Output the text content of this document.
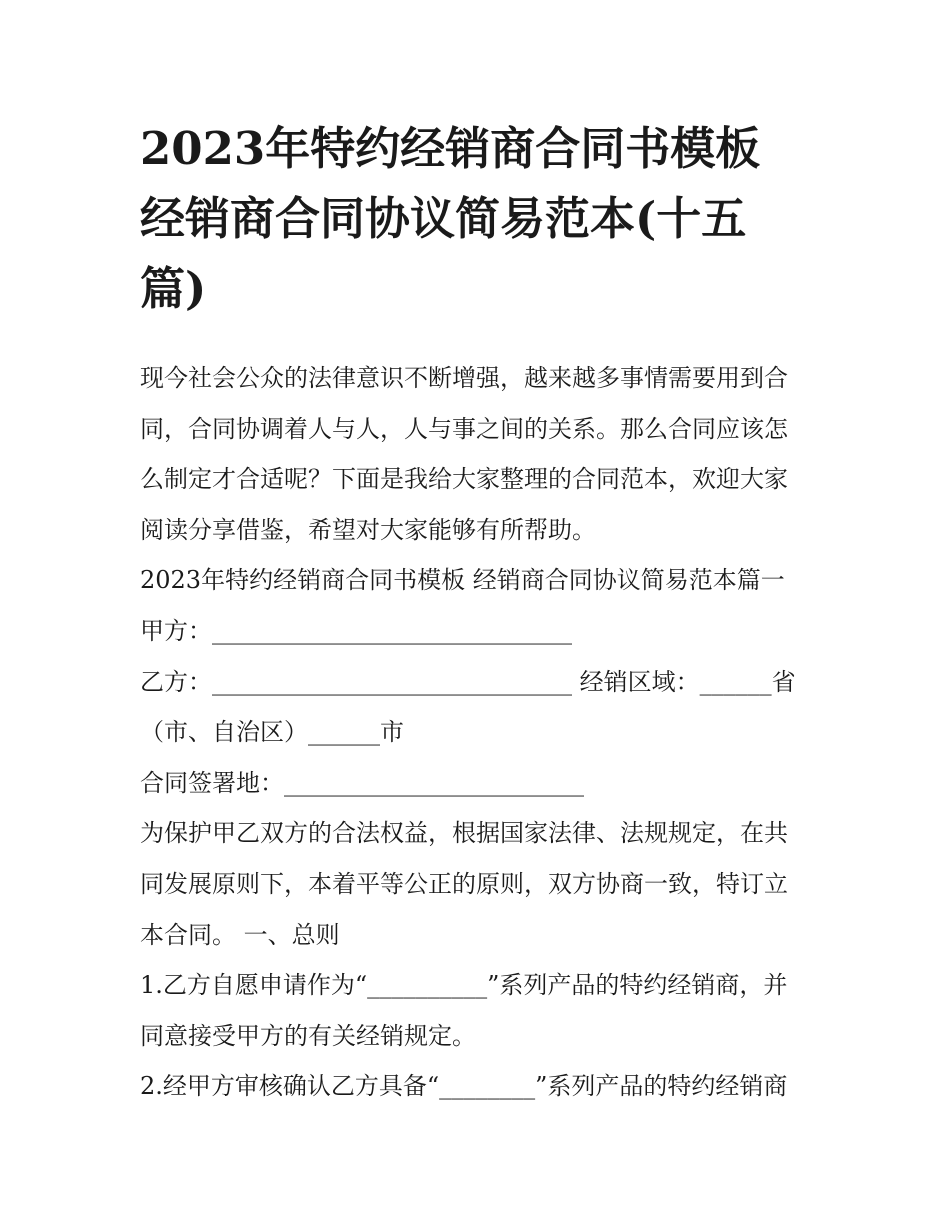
2023年特约经销商合同书模板
经销商合同协议简易范本(十五
篇)
现今社会公众的法律意识不断增强，越来越多事情需要用到合
同，合同协调着人与人，人与事之间的关系。那么合同应该怎
么制定才合适呢？下面是我给大家整理的合同范本，欢迎大家
阅读分享借鉴，希望对大家能够有所帮助。
2023年特约经销商合同书模板 经销商合同协议简易范本篇一
甲方：______________________________
乙方：______________________________ 经销区域：______省
（市、自治区）______市
合同签署地：_________________________
为保护甲乙双方的合法权益，根据国家法律、法规规定，在共
同发展原则下，本着平等公正的原则，双方协商一致，特订立
本合同。 一、总则
1.乙方自愿申请作为“__________”系列产品的特约经销商，并
同意接受甲方的有关经销规定。
2.经甲方审核确认乙方具备“________”系列产品的特约经销商
